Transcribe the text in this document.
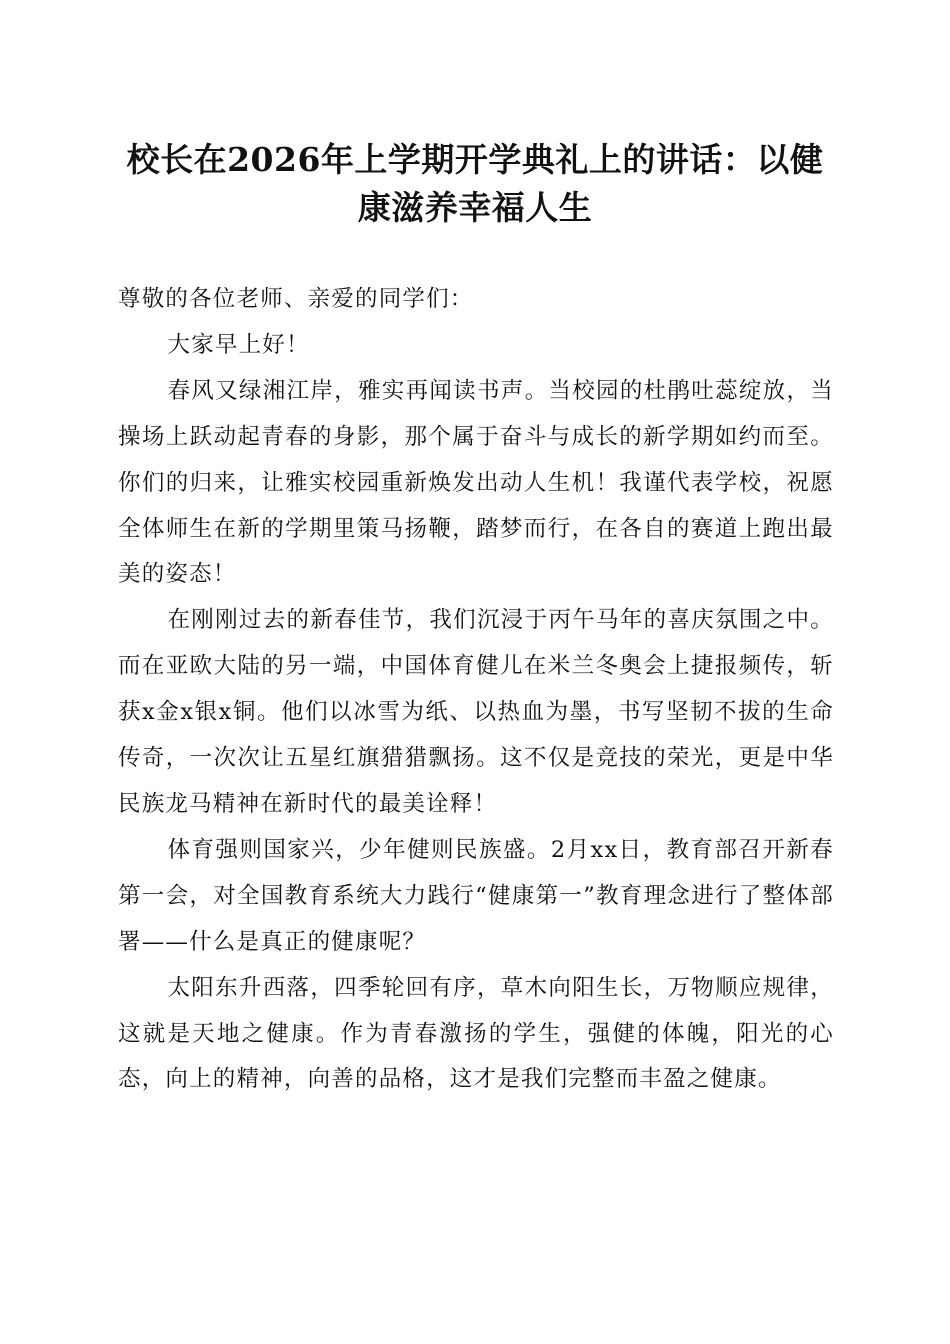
校长在2026年上学期开学典礼上的讲话：以健康滋养幸福人生

尊敬的各位老师、亲爱的同学们：

大家早上好！

春风又绿湘江岸，雅实再闻读书声。当校园的杜鹃吐蕊绽放，当操场上跃动起青春的身影，那个属于奋斗与成长的新学期如约而至。你们的归来，让雅实校园重新焕发出动人生机！我谨代表学校，祝愿全体师生在新的学期里策马扬鞭，踏梦而行，在各自的赛道上跑出最美的姿态！

在刚刚过去的新春佳节，我们沉浸于丙午马年的喜庆氛围之中。而在亚欧大陆的另一端，中国体育健儿在米兰冬奥会上捷报频传，斩获x金x银x铜。他们以冰雪为纸、以热血为墨，书写坚韧不拔的生命传奇，一次次让五星红旗猎猎飘扬。这不仅是竞技的荣光，更是中华民族龙马精神在新时代的最美诠释！

体育强则国家兴，少年健则民族盛。2月xx日，教育部召开新春第一会，对全国教育系统大力践行“健康第一”教育理念进行了整体部署——什么是真正的健康呢？

太阳东升西落，四季轮回有序，草木向阳生长，万物顺应规律，这就是天地之健康。作为青春激扬的学生，强健的体魄，阳光的心态，向上的精神，向善的品格，这才是我们完整而丰盈之健康。
